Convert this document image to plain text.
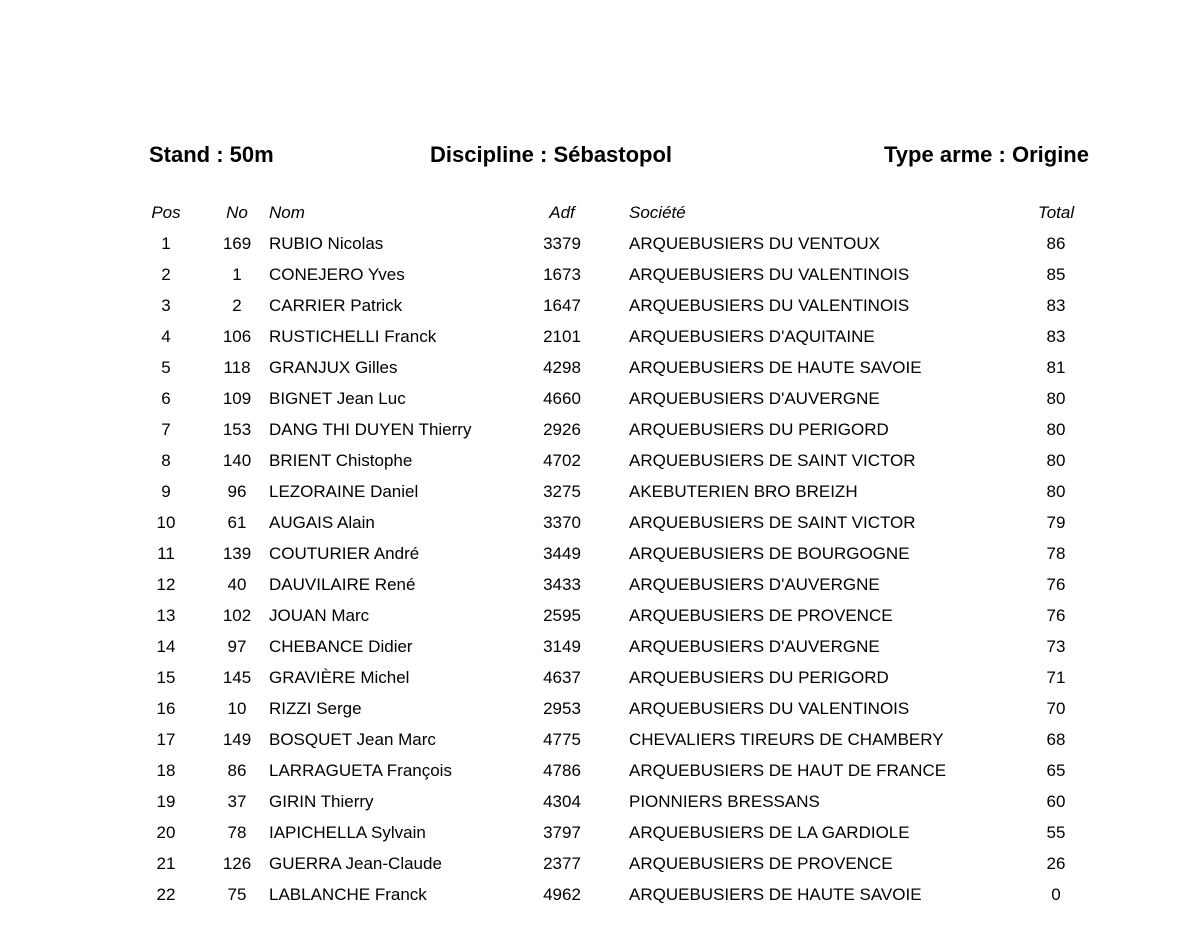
Stand : 50m	Discipline : Sébastopol	Type arme : Origine
Pos	No	Nom	Adf	Société	Total
1	169	RUBIO Nicolas	3379	ARQUEBUSIERS DU VENTOUX	86
2	1	CONEJERO Yves	1673	ARQUEBUSIERS DU VALENTINOIS	85
3	2	CARRIER Patrick	1647	ARQUEBUSIERS DU VALENTINOIS	83
4	106	RUSTICHELLI Franck	2101	ARQUEBUSIERS D'AQUITAINE	83
5	118	GRANJUX Gilles	4298	ARQUEBUSIERS DE HAUTE SAVOIE	81
6	109	BIGNET Jean Luc	4660	ARQUEBUSIERS D'AUVERGNE	80
7	153	DANG THI DUYEN Thierry	2926	ARQUEBUSIERS DU PERIGORD	80
8	140	BRIENT Chistophe	4702	ARQUEBUSIERS DE SAINT VICTOR	80
9	96	LEZORAINE Daniel	3275	AKEBUTERIEN BRO BREIZH	80
10	61	AUGAIS Alain	3370	ARQUEBUSIERS DE SAINT VICTOR	79
11	139	COUTURIER André	3449	ARQUEBUSIERS DE BOURGOGNE	78
12	40	DAUVILAIRE René	3433	ARQUEBUSIERS D'AUVERGNE	76
13	102	JOUAN Marc	2595	ARQUEBUSIERS DE PROVENCE	76
14	97	CHEBANCE Didier	3149	ARQUEBUSIERS D'AUVERGNE	73
15	145	GRAVIÈRE Michel	4637	ARQUEBUSIERS DU PERIGORD	71
16	10	RIZZI Serge	2953	ARQUEBUSIERS DU VALENTINOIS	70
17	149	BOSQUET Jean Marc	4775	CHEVALIERS TIREURS DE CHAMBERY	68
18	86	LARRAGUETA François	4786	ARQUEBUSIERS DE HAUT DE FRANCE	65
19	37	GIRIN Thierry	4304	PIONNIERS BRESSANS	60
20	78	IAPICHELLA Sylvain	3797	ARQUEBUSIERS DE LA GARDIOLE	55
21	126	GUERRA Jean-Claude	2377	ARQUEBUSIERS DE PROVENCE	26
22	75	LABLANCHE Franck	4962	ARQUEBUSIERS DE HAUTE SAVOIE	0
